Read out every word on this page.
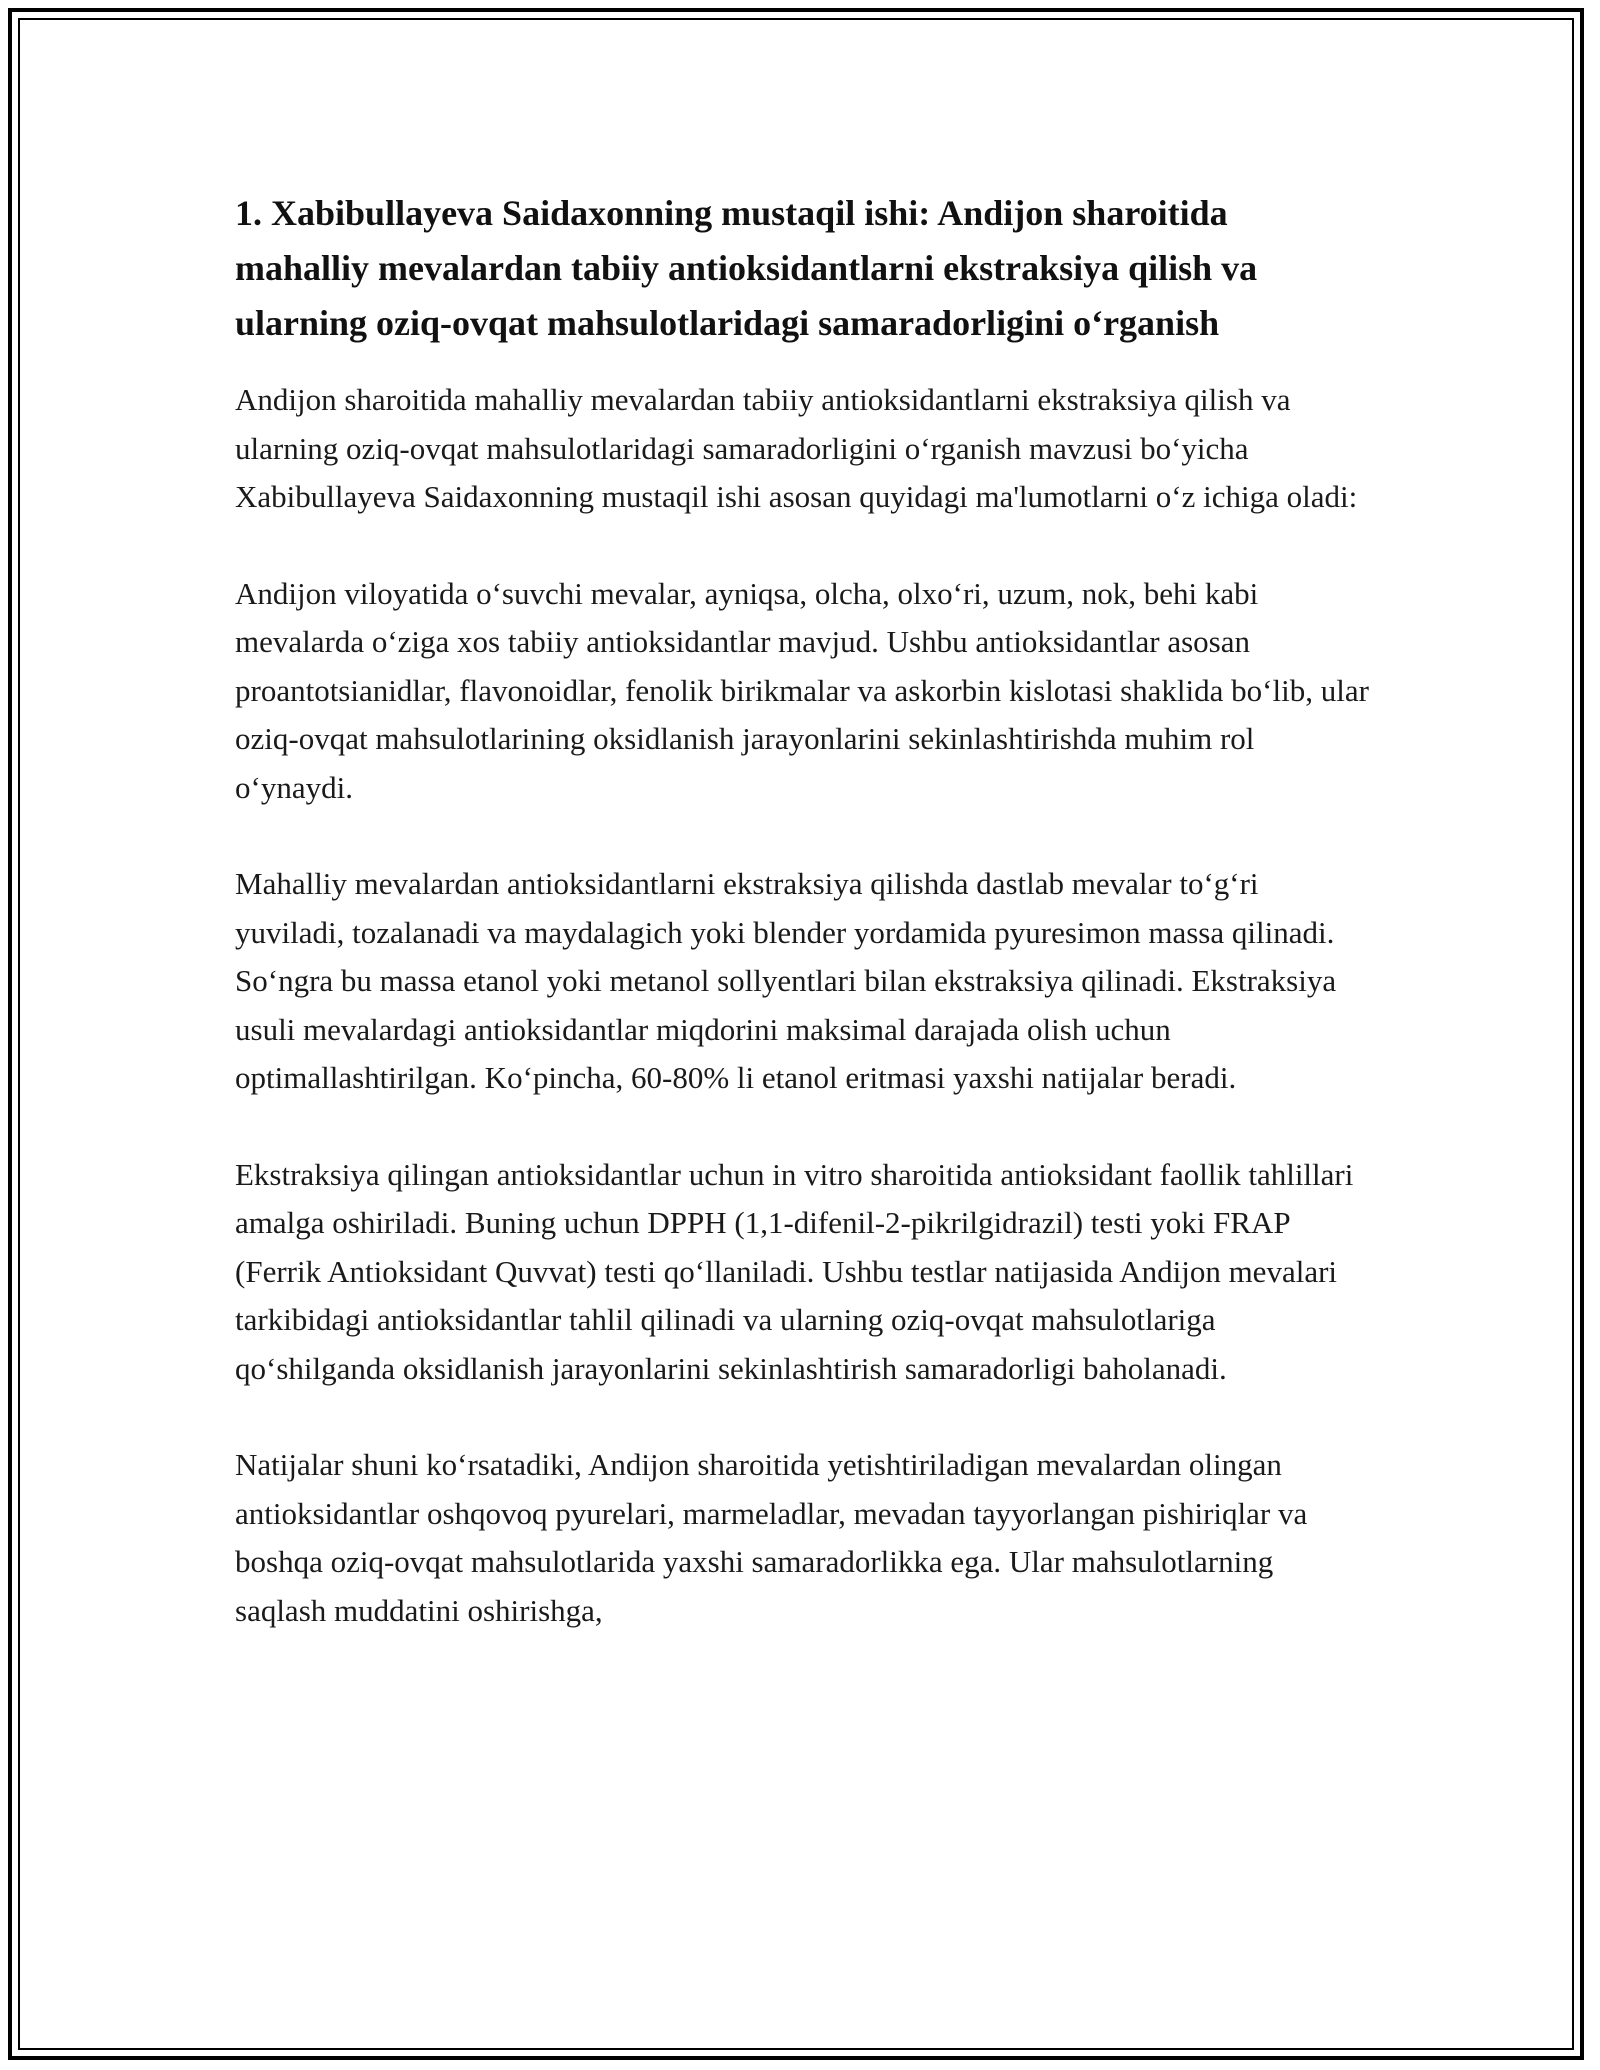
1. Xabibullayeva Saidaxonning mustaqil ishi: Andijon sharoitida mahalliy mevalardan tabiiy antioksidantlarni ekstraksiya qilish va ularning oziq-ovqat mahsulotlaridagi samaradorligini o‘rganish

Andijon sharoitida mahalliy mevalardan tabiiy antioksidantlarni ekstraksiya qilish va ularning oziq-ovqat mahsulotlaridagi samaradorligini o‘rganish mavzusi bo‘yicha Xabibullayeva Saidaxonning mustaqil ishi asosan quyidagi ma'lumotlarni o‘z ichiga oladi:

Andijon viloyatida o‘suvchi mevalar, ayniqsa, olcha, olxo‘ri, uzum, nok, behi kabi mevalarda o‘ziga xos tabiiy antioksidantlar mavjud. Ushbu antioksidantlar asosan proantotsianidlar, flavonoidlar, fenolik birikmalar va askorbin kislotasi shaklida bo‘lib, ular oziq-ovqat mahsulotlarining oksidlanish jarayonlarini sekinlashtirishda muhim rol o‘ynaydi.

Mahalliy mevalardan antioksidantlarni ekstraksiya qilishda dastlab mevalar to‘g‘ri yuviladi, tozalanadi va maydalagich yoki blender yordamida pyuresimon massa qilinadi. So‘ngra bu massa etanol yoki metanol sollyentlari bilan ekstraksiya qilinadi. Ekstraksiya usuli mevalardagi antioksidantlar miqdorini maksimal darajada olish uchun optimallashtirilgan. Ko‘pincha, 60-80% li etanol eritmasi yaxshi natijalar beradi.

Ekstraksiya qilingan antioksidantlar uchun in vitro sharoitida antioksidant faollik tahlillari amalga oshiriladi. Buning uchun DPPH (1,1-difenil-2-pikrilgidrazil) testi yoki FRAP (Ferrik Antioksidant Quvvat) testi qo‘llaniladi. Ushbu testlar natijasida Andijon mevalari tarkibidagi antioksidantlar tahlil qilinadi va ularning oziq-ovqat mahsulotlariga qo‘shilganda oksidlanish jarayonlarini sekinlashtirish samaradorligi baholanadi.

Natijalar shuni ko‘rsatadiki, Andijon sharoitida yetishtiriladigan mevalardan olingan antioksidantlar oshqovoq pyurelari, marmeladlar, mevadan tayyorlangan pishiriqlar va boshqa oziq-ovqat mahsulotlarida yaxshi samaradorlikka ega. Ular mahsulotlarning saqlash muddatini oshirishga,
